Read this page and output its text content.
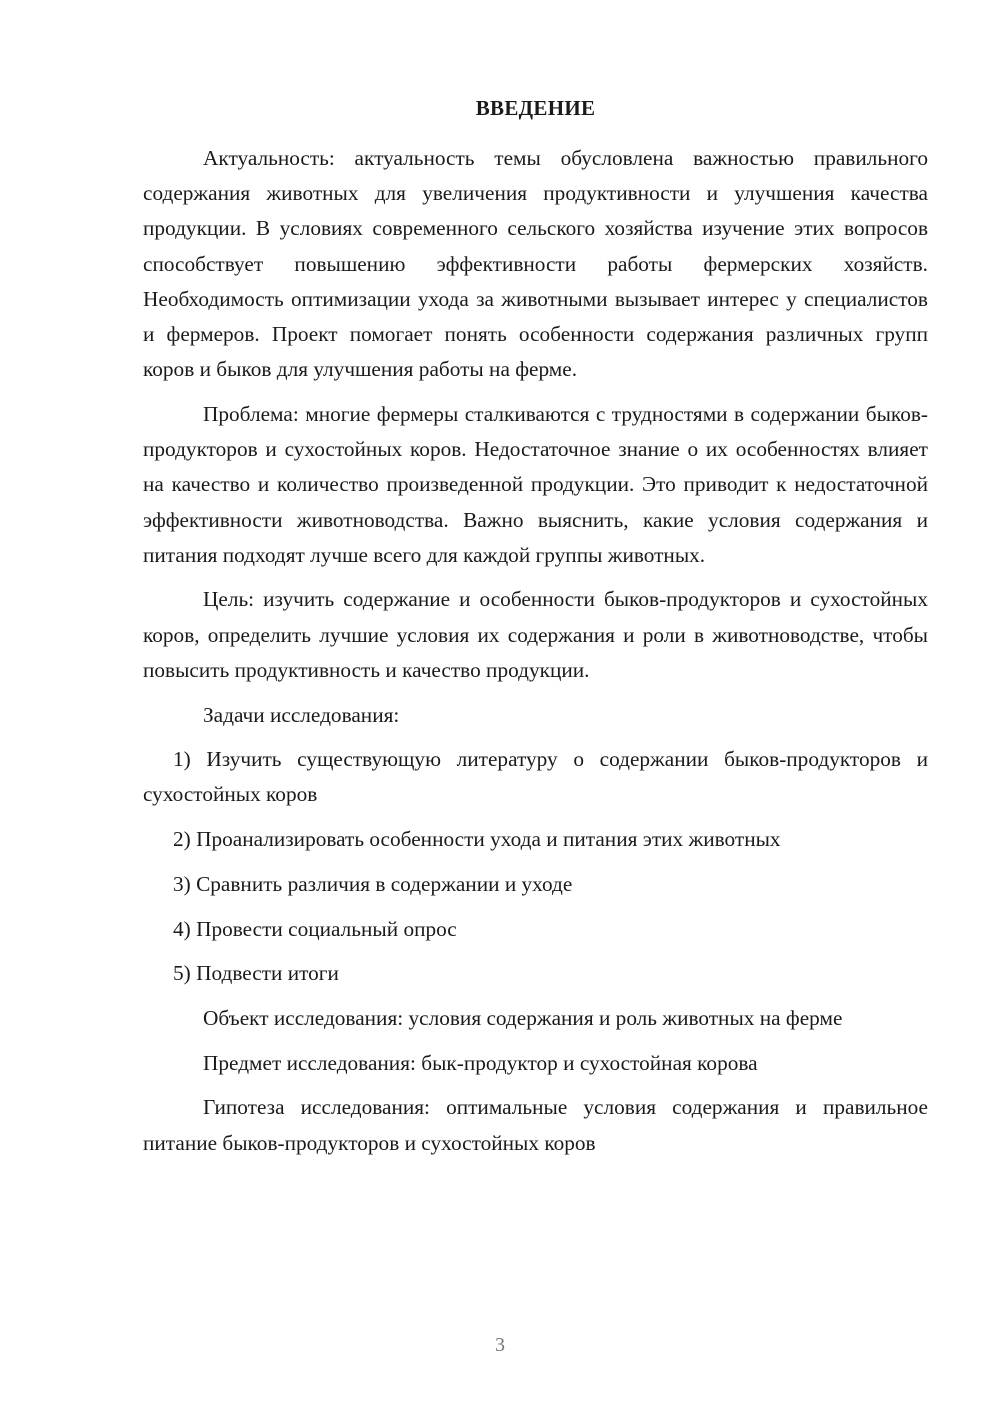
ВВЕДЕНИЕ

Актуальность: актуальность темы обусловлена важностью правильного содержания животных для увеличения продуктивности и улучшения качества продукции. В условиях современного сельского хозяйства изучение этих вопросов способствует повышению эффективности работы фермерских хозяйств. Необходимость оптимизации ухода за животными вызывает интерес у специалистов и фермеров. Проект помогает понять особенности содержания различных групп коров и быков для улучшения работы на ферме.

Проблема: многие фермеры сталкиваются с трудностями в содержании быков-продукторов и сухостойных коров. Недостаточное знание о их особенностях влияет на качество и количество произведенной продукции. Это приводит к недостаточной эффективности животноводства. Важно выяснить, какие условия содержания и питания подходят лучше всего для каждой группы животных.

Цель: изучить содержание и особенности быков-продукторов и сухостойных коров, определить лучшие условия их содержания и роли в животноводстве, чтобы повысить продуктивность и качество продукции.

Задачи исследования:

1) Изучить существующую литературу о содержании быков-продукторов и сухостойных коров

2) Проанализировать особенности ухода и питания этих животных

3) Сравнить различия в содержании и уходе

4) Провести социальный опрос

5) Подвести итоги

Объект исследования: условия содержания и роль животных на ферме

Предмет исследования: бык-продуктор и сухостойная корова

Гипотеза исследования: оптимальные условия содержания и правильное питание быков-продукторов и сухостойных коров

3
